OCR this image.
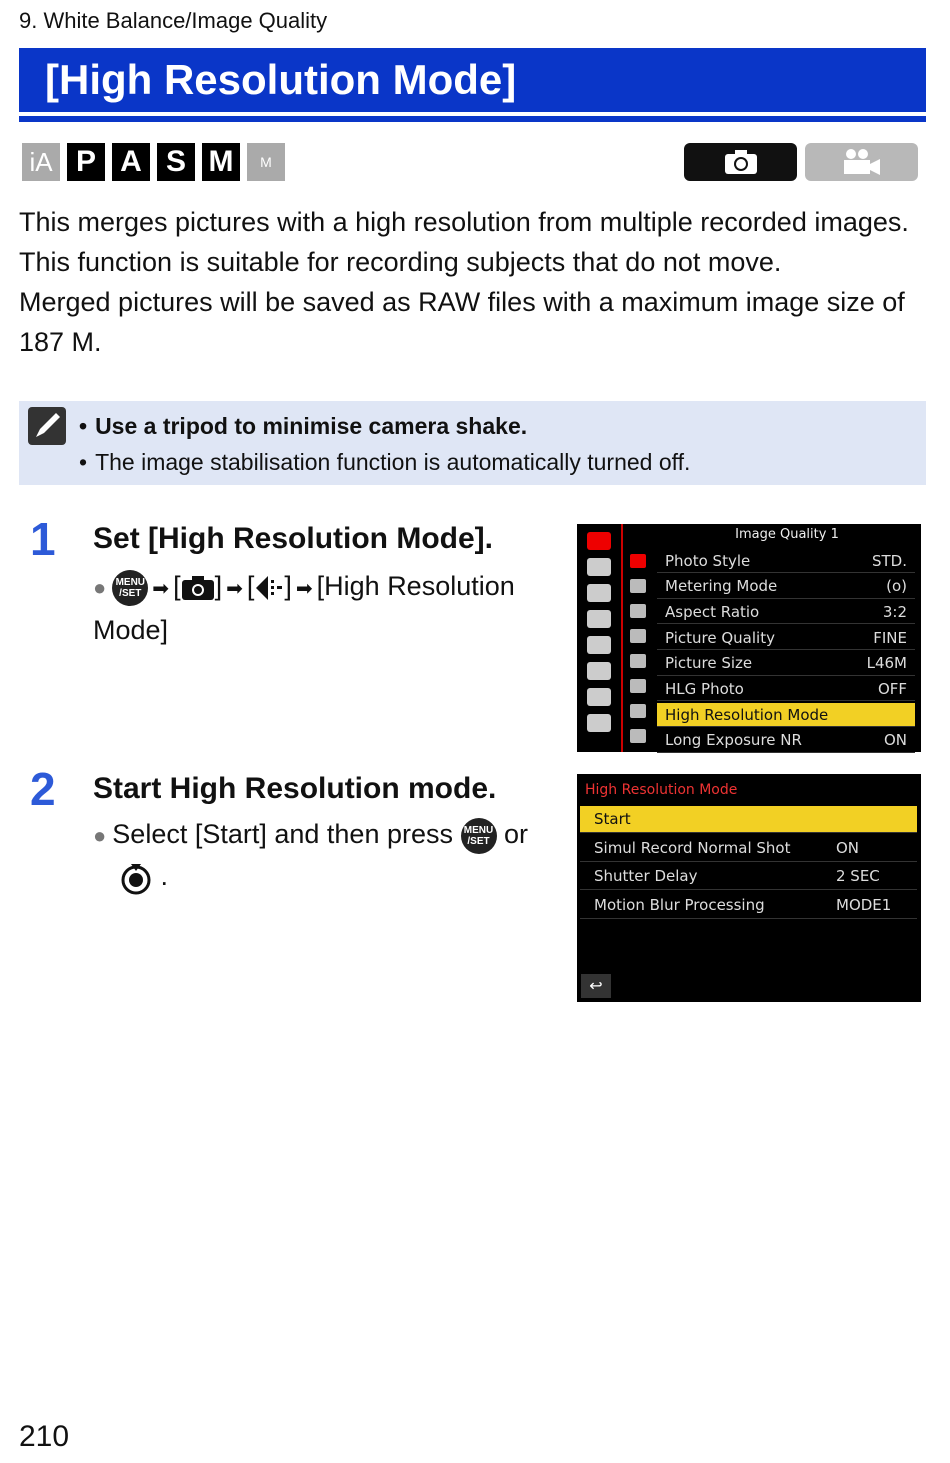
9. White Balance/Image Quality
[High Resolution Mode]
iA P A S M	M

This merges pictures with a high resolution from multiple recorded images.

This function is suitable for recording subjects that do not move.

Merged pictures will be saved as RAW files with a maximum image size of 187 M.

• Use a tripod to minimise camera shake.
• The image stabilisation function is automatically turned off.
1 Set [High Resolution Mode].
● MENU
/SET ➡ [ ] ➡ [ ] ➡ [High Resolution Mode]
Image Quality 1
Photo Style	STD.
Metering Mode	(o)
Aspect Ratio	3:2
Picture Quality	FINE
Picture Size	L46M
HLG Photo	OFF
High Resolution Mode
Long Exposure NR	ON
2 Start High Resolution mode.
● Select [Start] and then press MENU
/SET or
.
High Resolution Mode
Start
Simul Record Normal Shot	ON
Shutter Delay	2 SEC
Motion Blur Processing	MODE1
↩
210
